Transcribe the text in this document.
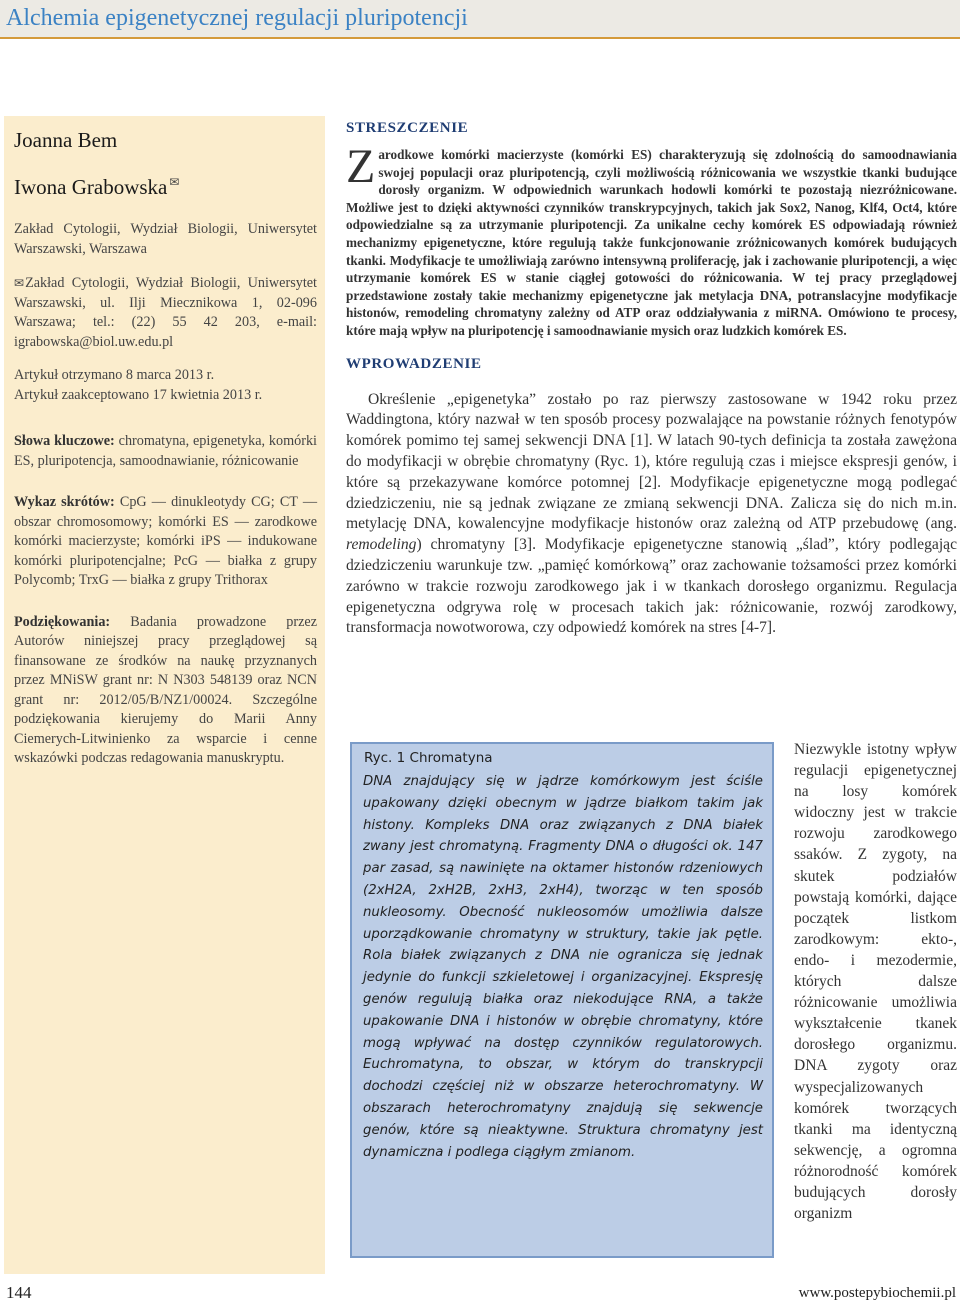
Alchemia epigenetycznej regulacji pluripotencji

Joanna Bem

Iwona Grabowska ✉

Zakład Cytologii, Wydział Biologii, Uniwersytet Warszawski, Warszawa
✉Zakład Cytologii, Wydział Biologii, Uniwersytet Warszawski, ul. Ilji Miecznikowa 1, 02-096 Warszawa; tel.: (22) 55 42 203, e-mail: igrabowska@biol.uw.edu.pl
Artykuł otrzymano 8 marca 2013 r.
Artykuł zaakceptowano 17 kwietnia 2013 r.
Słowa kluczowe: chromatyna, epigenetyka, komórki ES, pluripotencja, samoodnawianie, różnicowanie
Wykaz skrótów: CpG — dinukleotydy CG; CT — obszar chromosomowy; komórki ES — zarodkowe komórki macierzyste; komórki iPS — indukowane komórki pluripotencjalne; PcG — białka z grupy Polycomb; TrxG — białka z grupy Trithorax
Podziękowania: Badania prowadzone przez Autorów niniejszej pracy przeglądowej są finansowane ze środków na naukę przyznanych przez MNiSW grant nr: N N303 548139 oraz NCN grant nr: 2012/05/B/NZ1/00024. Szczególne podziękowania kierujemy do Marii Anny Ciemerych-Litwinienko za wsparcie i cenne wskazówki podczas redagowania manuskryptu.
STRESZCZENIE
Zarodkowe komórki macierzyste (komórki ES) charakteryzują się zdolnością do samoodnawiania swojej populacji oraz pluripotencją, czyli możliwością różnicowania we wszystkie tkanki budujące dorosły organizm. W odpowiednich warunkach hodowli komórki te pozostają niezróżnicowane. Możliwe jest to dzięki aktywności czynników transkrypcyjnych, takich jak Sox2, Nanog, Klf4, Oct4, które odpowiedzialne są za utrzymanie pluripotencji. Za unikalne cechy komórek ES odpowiadają również mechanizmy epigenetyczne, które regulują także funkcjonowanie zróżnicowanych komórek budujących tkanki. Modyfikacje te umożliwiają zarówno intensywną proliferację, jak i zachowanie pluripotencji, a więc utrzymanie komórek ES w stanie ciągłej gotowości do różnicowania. W tej pracy przeglądowej przedstawione zostały takie mechanizmy epigenetyczne jak metylacja DNA, potranslacyjne modyfikacje histonów, remodeling chromatyny zależny od ATP oraz oddziaływania z miRNA. Omówiono te procesy, które mają wpływ na pluripotencję i samoodnawianie mysich oraz ludzkich komórek ES.
WPROWADZENIE
Określenie „epigenetyka” zostało po raz pierwszy zastosowane w 1942 roku przez Waddingtona, który nazwał w ten sposób procesy pozwalające na powstanie różnych fenotypów komórek pomimo tej samej sekwencji DNA [1]. W latach 90-tych definicja ta została zawężona do modyfikacji w obrębie chromatyny (Ryc. 1), które regulują czas i miejsce ekspresji genów, i które są przekazywane komórce potomnej [2]. Modyfikacje epigenetyczne mogą podlegać dziedziczeniu, nie są jednak związane ze zmianą sekwencji DNA. Zalicza się do nich m.in. metylację DNA, kowalencyjne modyfikacje histonów oraz zależną od ATP przebudowę (ang. remodeling) chromatyny [3]. Modyfikacje epigenetyczne stanowią „ślad”, który podlegając dziedziczeniu warunkuje tzw. „pamięć komórkową” oraz zachowanie tożsamości przez komórki zarówno w trakcie rozwoju zarodkowego jak i w tkankach dorosłego organizmu. Regulacja epigenetyczna odgrywa rolę w procesach takich jak: różnicowanie, rozwój zarodkowy, transformacja nowotworowa, czy odpowiedź komórek na stres [4-7].
Ryc. 1 Chromatyna
DNA znajdujący się w jądrze komórkowym jest ściśle upakowany dzięki obecnym w jądrze białkom takim jak histony. Kompleks DNA oraz związanych z DNA białek zwany jest chromatyną. Fragmenty DNA o długości ok. 147 par zasad, są nawinięte na oktamer histonów rdzeniowych (2xH2A, 2xH2B, 2xH3, 2xH4), tworząc w ten sposób nukleosomy. Obecność nukleosomów umożliwia dalsze uporządkowanie chromatyny w struktury, takie jak pętle. Rola białek związanych z DNA nie ogranicza się jednak jedynie do funkcji szkieletowej i organizacyjnej. Ekspresję genów regulują białka oraz niekodujące RNA, a także upakowanie DNA i histonów w obrębie chromatyny, które mogą wpływać na dostęp czynników regulatorowych. Euchromatyna, to obszar, w którym do transkrypcji dochodzi częściej niż w obszarze heterochromatyny. W obszarach heterochromatyny znajdują się sekwencje genów, które są nieaktywne. Struktura chromatyny jest dynamiczna i podlega ciągłym zmianom.
Niezwykle istotny wpływ regulacji epigenetycznej na losy komórek widoczny jest w trakcie rozwoju zarodkowego ssaków. Z zygoty, na skutek podziałów powstają komórki, dające początek listkom zarodkowym: ekto-, endo- i mezodermie, których dalsze różnicowanie umożliwia wykształcenie tkanek dorosłego organizmu. DNA zygoty oraz wyspecjalizowanych komórek tworzących tkanki ma identyczną sekwencję, a ogromna różnorodność komórek budujących dorosły organizm
144	www.postepybiochemii.pl
